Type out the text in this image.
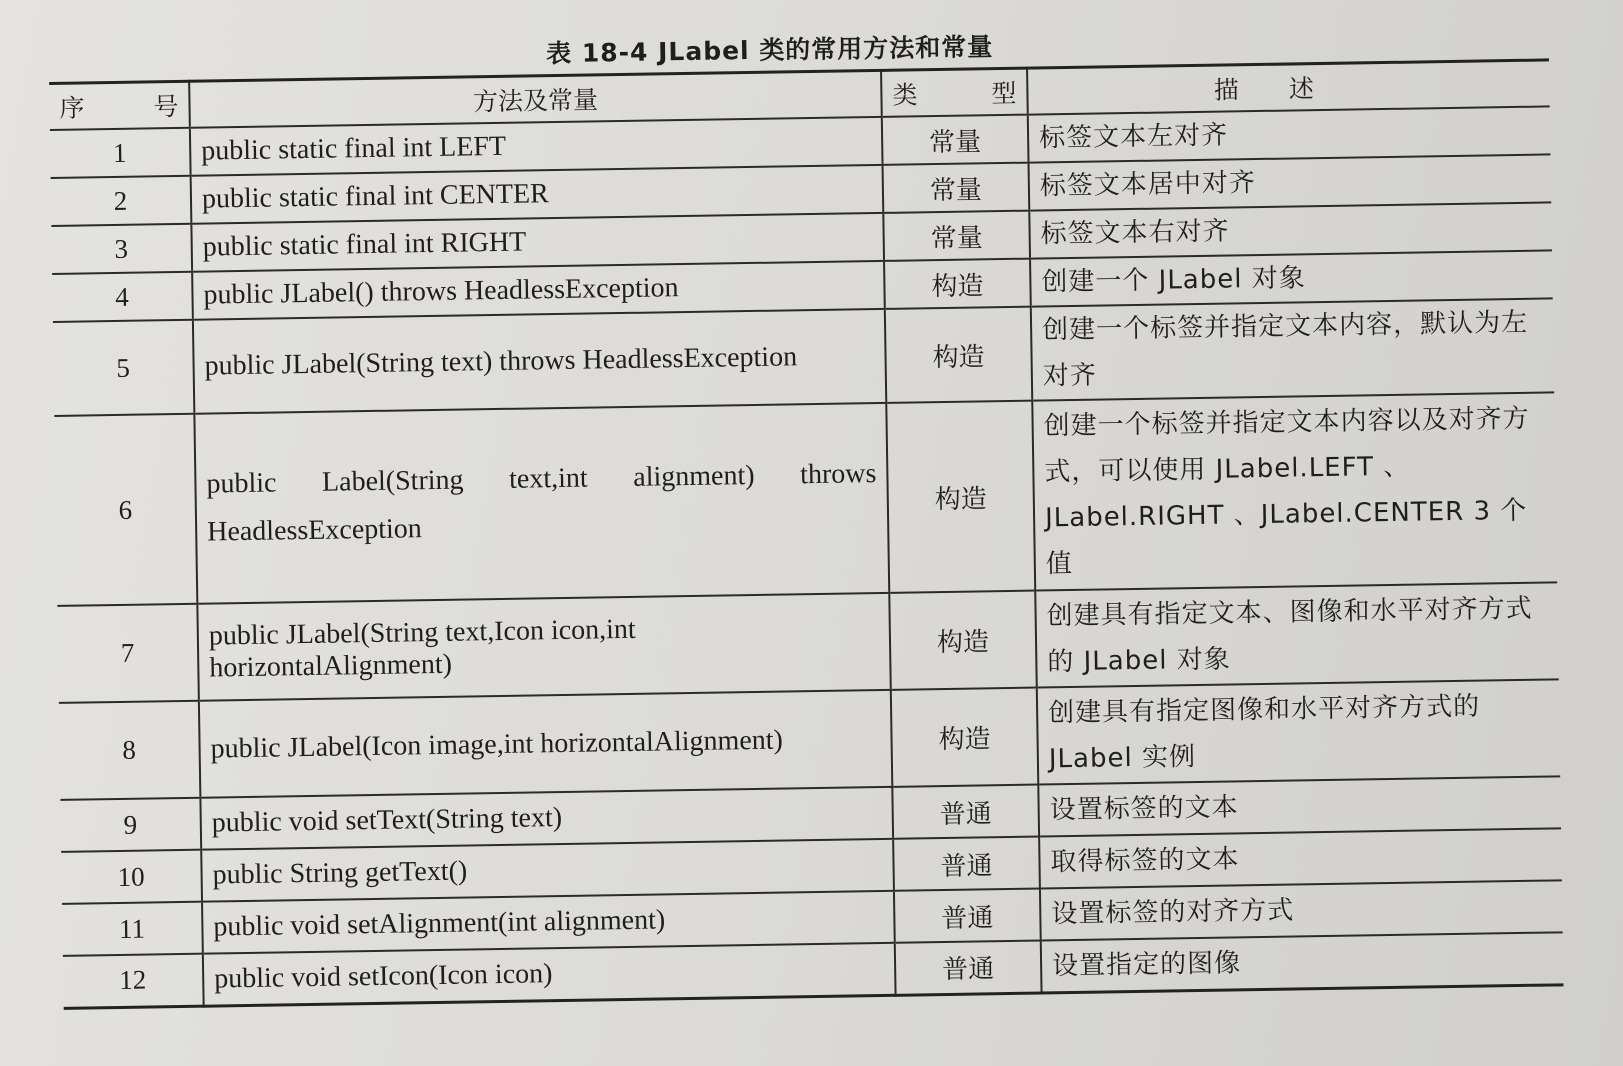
表 18-4 JLabel 类的常用方法和常量
序号	方法及常量	类型	描述
1	public static final int LEFT	常量	标签文本左对齐
2	public static final int CENTER	常量	标签文本居中对齐
3	public static final int RIGHT	常量	标签文本右对齐
4	public JLabel() throws HeadlessException	构造	创建一个 JLabel 对象
5	public JLabel(String text) throws HeadlessException	构造	创建一个标签并指定文本内容，默认为左对齐
6	public Label(String text,int alignment) throws HeadlessException	构造	创建一个标签并指定文本内容以及对齐方式，可以使用 JLabel.LEFT 、JLabel.RIGHT 、JLabel.CENTER 3 个值
7	public JLabel(String text,Icon icon,int horizontalAlignment)	构造	创建具有指定文本、图像和水平对齐方式的 JLabel 对象
8	public JLabel(Icon image,int horizontalAlignment)	构造	创建具有指定图像和水平对齐方式的 JLabel 实例
9	public void setText(String text)	普通	设置标签的文本
10	public String getText()	普通	取得标签的文本
11	public void setAlignment(int alignment)	普通	设置标签的对齐方式
12	public void setIcon(Icon icon)	普通	设置指定的图像
